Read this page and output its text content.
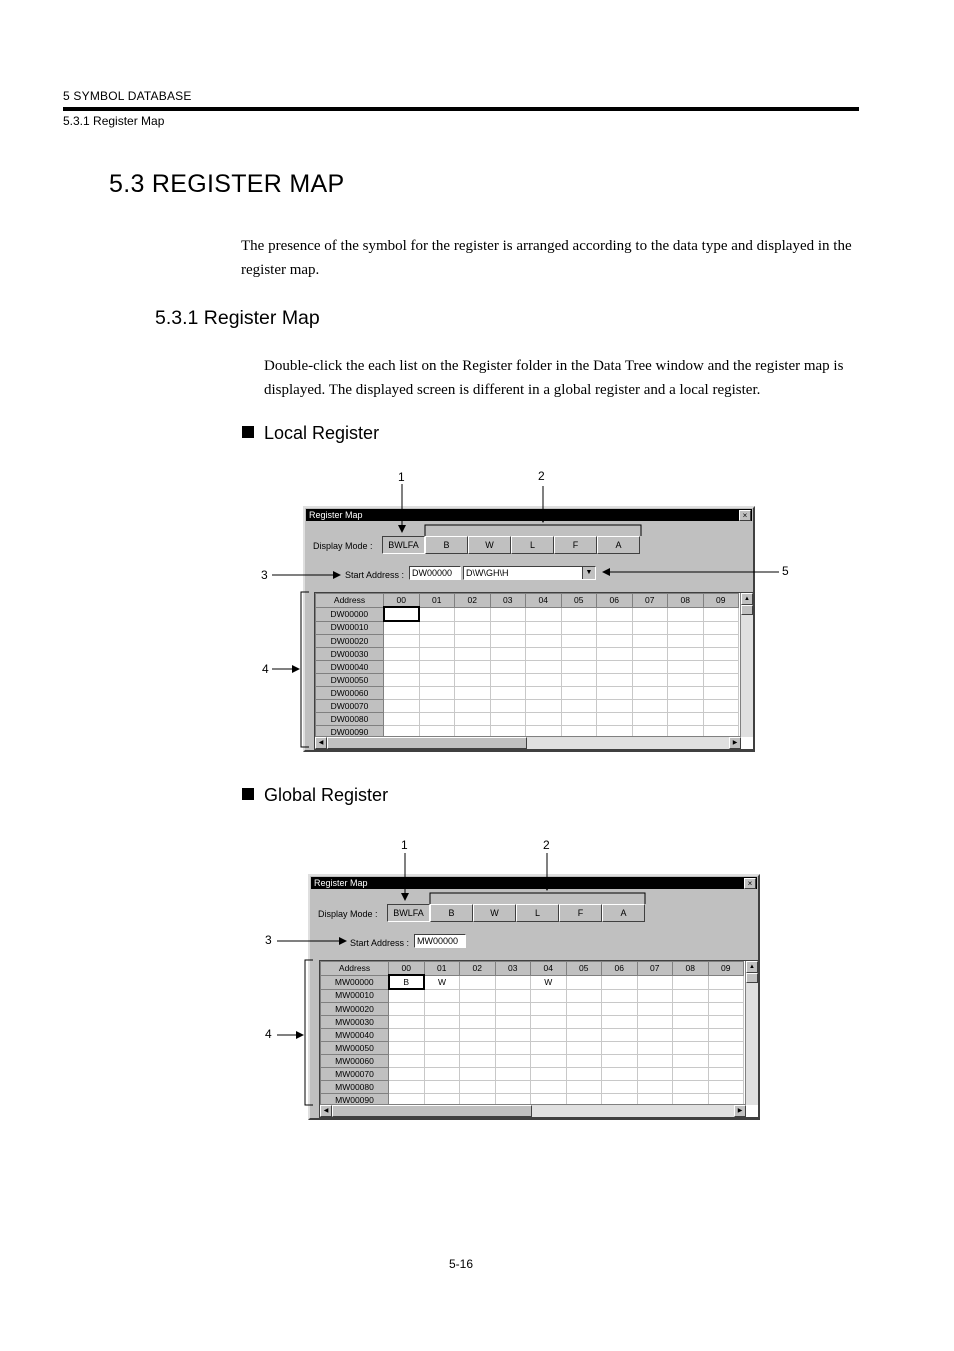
5 SYMBOL DATABASE
5.3.1 Register Map
5.3 REGISTER MAP
The presence of the symbol for the register is arranged according to the data type and displayed in the register map.
5.3.1 Register Map
Double-click the each list on the Register folder in the Data Tree window and the register map is displayed. The displayed screen is different in a global register and a local register.
Local Register
1	2
3
4
5
Register Map	×
Display Mode :	BWLFA	B	W	L	F	A
Start Address : DW00000	D\W\GH\H	▼
Address	00	01	02	03	04	05	06	07	08	09
DW00000										
DW00010										
DW00020										
DW00030										
DW00040										
DW00050										
DW00060										
DW00070										
DW00080										
DW00090										
▲
◀	▶
Global Register
1	2
3
4
Register Map	×
Display Mode :	BWLFA	B	W	L	F	A
Start Address : MW00000
Address	00	01	02	03	04	05	06	07	08	09
MW00000	B	W			W					
MW00010										
MW00020										
MW00030										
MW00040										
MW00050										
MW00060										
MW00070										
MW00080										
MW00090										
▲
◀	▶
5-16
